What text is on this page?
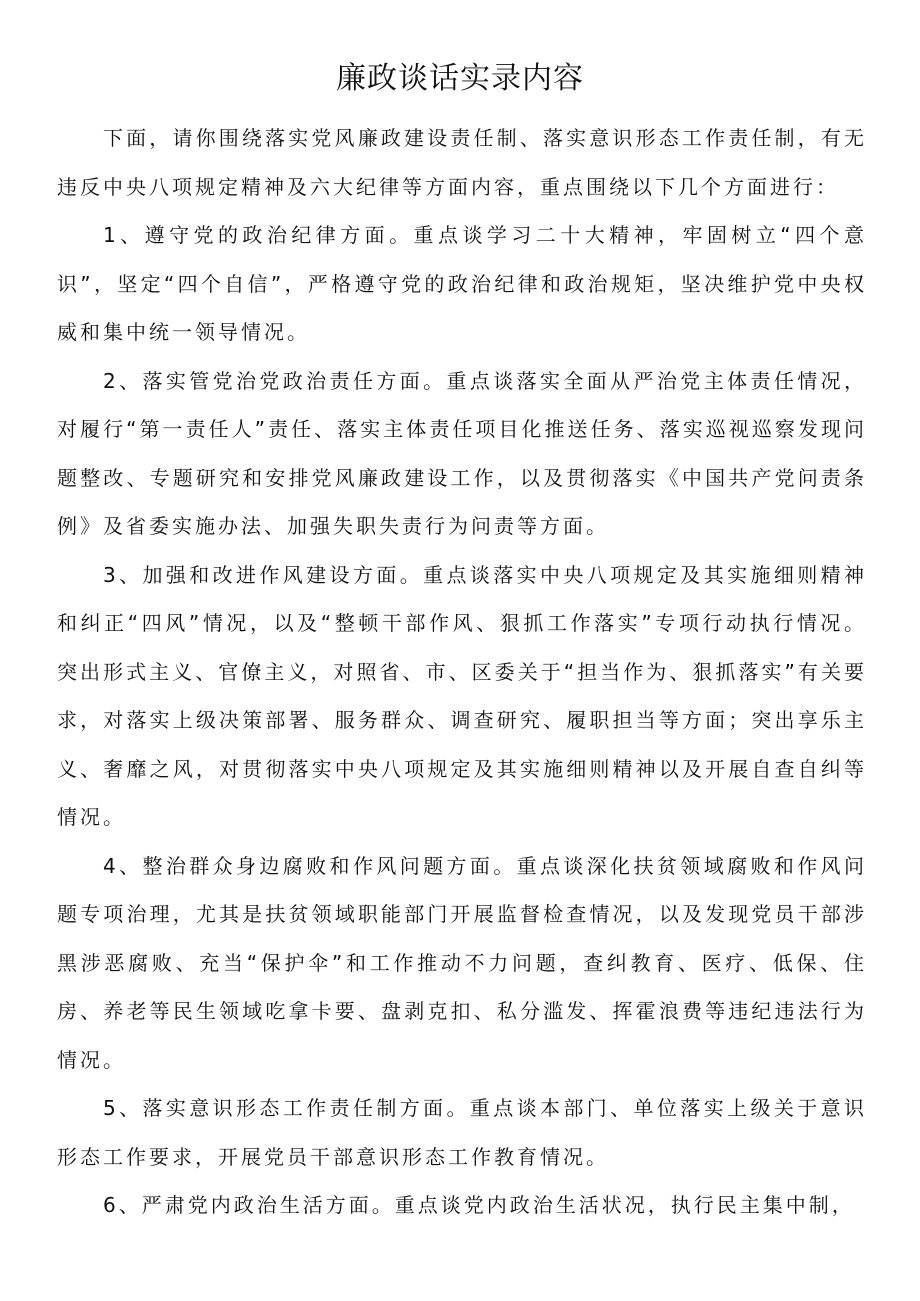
廉政谈话实录内容

下面，请你围绕落实党风廉政建设责任制、落实意识形态工作责任制，有无违反中央八项规定精神及六大纪律等方面内容，重点围绕以下几个方面进行：

1、遵守党的政治纪律方面。重点谈学习二十大精神，牢固树立“四个意识”，坚定“四个自信”，严格遵守党的政治纪律和政治规矩，坚决维护党中央权威和集中统一领导情况。

2、落实管党治党政治责任方面。重点谈落实全面从严治党主体责任情况，对履行“第一责任人”责任、落实主体责任项目化推送任务、落实巡视巡察发现问题整改、专题研究和安排党风廉政建设工作，以及贯彻落实《中国共产党问责条例》及省委实施办法、加强失职失责行为问责等方面。

3、加强和改进作风建设方面。重点谈落实中央八项规定及其实施细则精神和纠正“四风”情况，以及“整顿干部作风、狠抓工作落实”专项行动执行情况。突出形式主义、官僚主义，对照省、市、区委关于“担当作为、狠抓落实”有关要求，对落实上级决策部署、服务群众、调查研究、履职担当等方面；突出享乐主义、奢靡之风，对贯彻落实中央八项规定及其实施细则精神以及开展自查自纠等情况。

4、整治群众身边腐败和作风问题方面。重点谈深化扶贫领域腐败和作风问题专项治理，尤其是扶贫领域职能部门开展监督检查情况，以及发现党员干部涉黑涉恶腐败、充当“保护伞”和工作推动不力问题，查纠教育、医疗、低保、住房、养老等民生领域吃拿卡要、盘剥克扣、私分滥发、挥霍浪费等违纪违法行为情况。

5、落实意识形态工作责任制方面。重点谈本部门、单位落实上级关于意识形态工作要求，开展党员干部意识形态工作教育情况。

6、严肃党内政治生活方面。重点谈党内政治生活状况，执行民主集中制，
